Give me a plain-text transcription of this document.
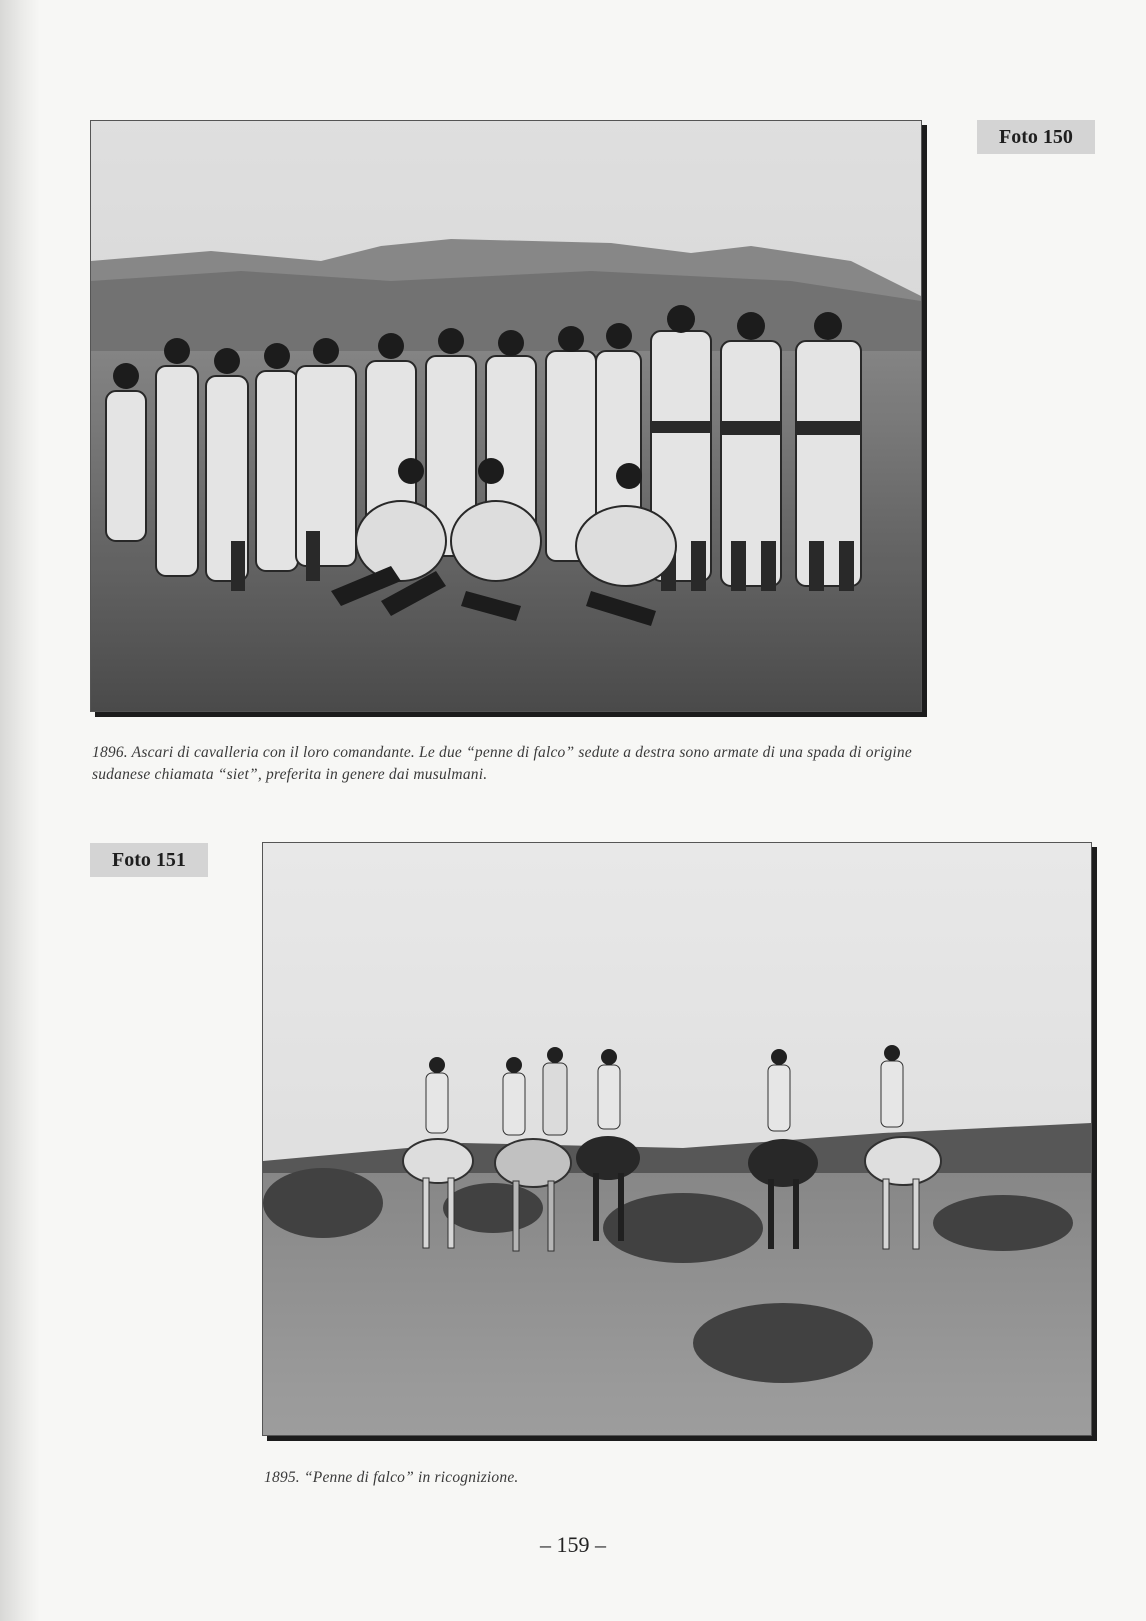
Foto 150
1896. Ascari di cavalleria con il loro comandante. Le due “penne di falco” sedute a destra sono armate di una spada di origine sudanese chiamata “siet”, preferita in genere dai musulmani.
Foto 151
1895. “Penne di falco” in ricognizione.
– 159 –
